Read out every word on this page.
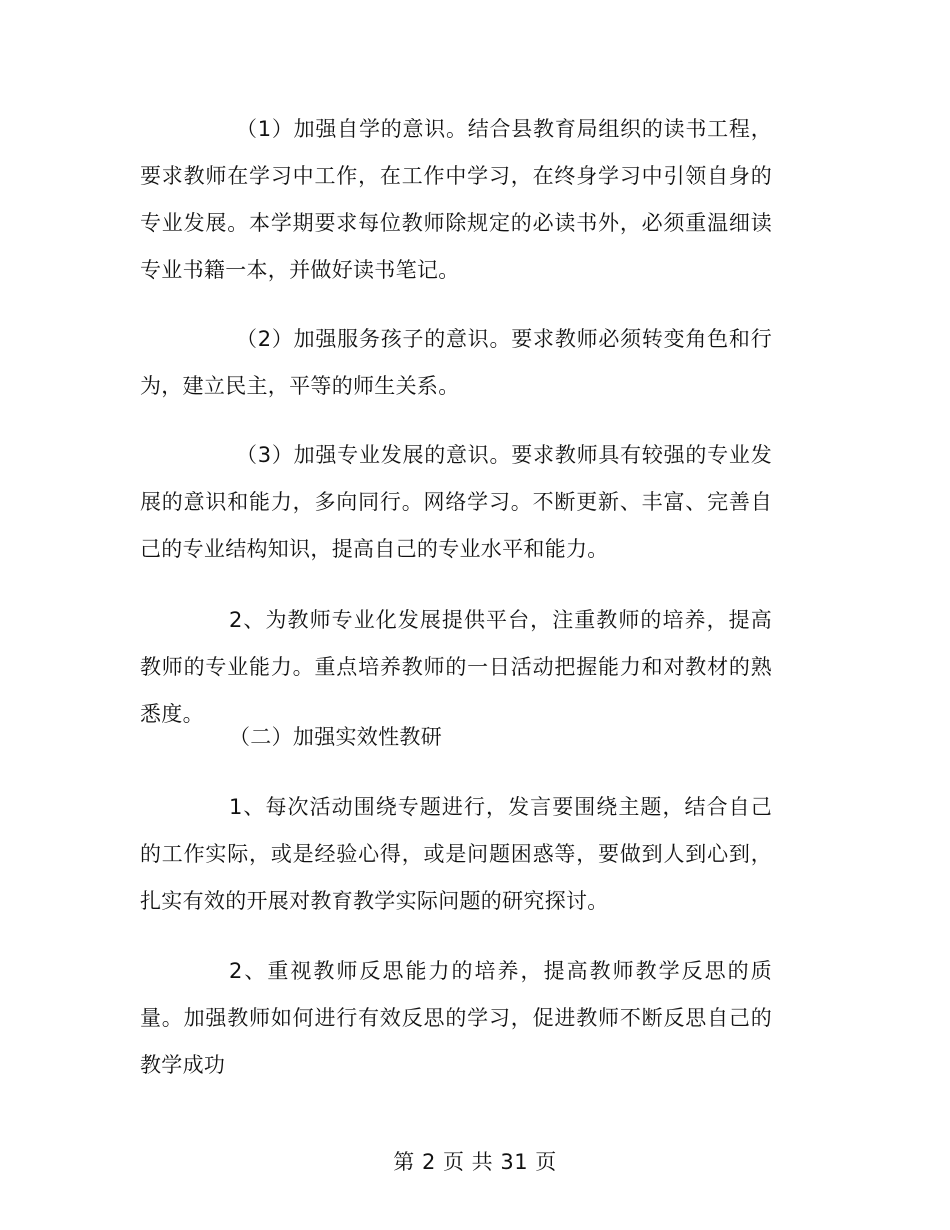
（1）加强自学的意识。结合县教育局组织的读书工程，要求教师在学习中工作，在工作中学习，在终身学习中引领自身的专业发展。本学期要求每位教师除规定的必读书外，必须重温细读专业书籍一本，并做好读书笔记。

（2）加强服务孩子的意识。要求教师必须转变角色和行为，建立民主，平等的师生关系。

（3）加强专业发展的意识。要求教师具有较强的专业发展的意识和能力，多向同行。网络学习。不断更新、丰富、完善自己的专业结构知识，提高自己的专业水平和能力。

2、为教师专业化发展提供平台，注重教师的培养，提高教师的专业能力。重点培养教师的一日活动把握能力和对教材的熟悉度。

（二）加强实效性教研

1、每次活动围绕专题进行，发言要围绕主题，结合自己的工作实际，或是经验心得，或是问题困惑等，要做到人到心到，扎实有效的开展对教育教学实际问题的研究探讨。

2、重视教师反思能力的培养，提高教师教学反思的质量。加强教师如何进行有效反思的学习，促进教师不断反思自己的教学成功

第 2 页 共 31 页
